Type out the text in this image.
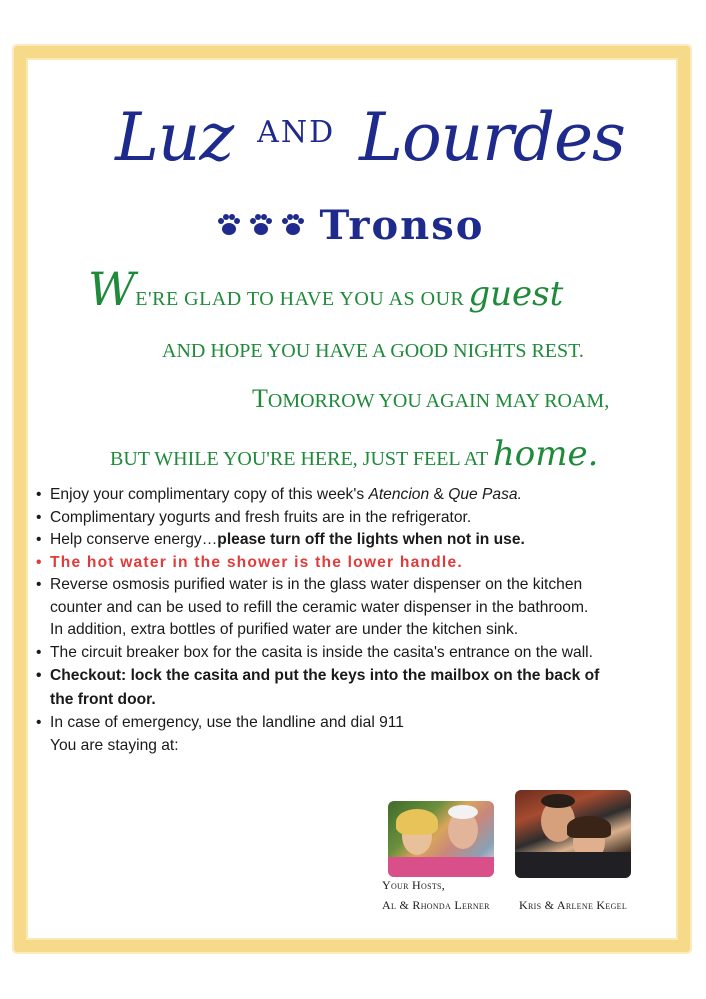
Luz $^{AND}$ Lourdes
Tronso
WE'RE GLAD TO HAVE YOU AS OUR guest
AND HOPE YOU HAVE A GOOD NIGHTS REST.
TOMORROW YOU AGAIN MAY ROAM,
BUT WHILE YOU'RE HERE, JUST FEEL AT home.
• Enjoy your complimentary copy of this week's Atencion & Que Pasa.
• Complimentary yogurts and fresh fruits are in the refrigerator.
• Help conserve energy…please turn off the lights when not in use.
• The hot water in the shower is the lower handle.
• Reverse osmosis purified water is in the glass water dispenser on the kitchen
counter and can be used to refill the ceramic water dispenser in the bathroom.
In addition, extra bottles of purified water are under the kitchen sink.
• The circuit breaker box for the casita is inside the casita's entrance on the wall.
• Checkout: lock the casita and put the keys into the mailbox on the back of
the front door.
• In case of emergency, use the landline and dial 911
You are staying at:
Your Hosts,
Al & Rhonda Lerner Kris & Arlene Kegel
